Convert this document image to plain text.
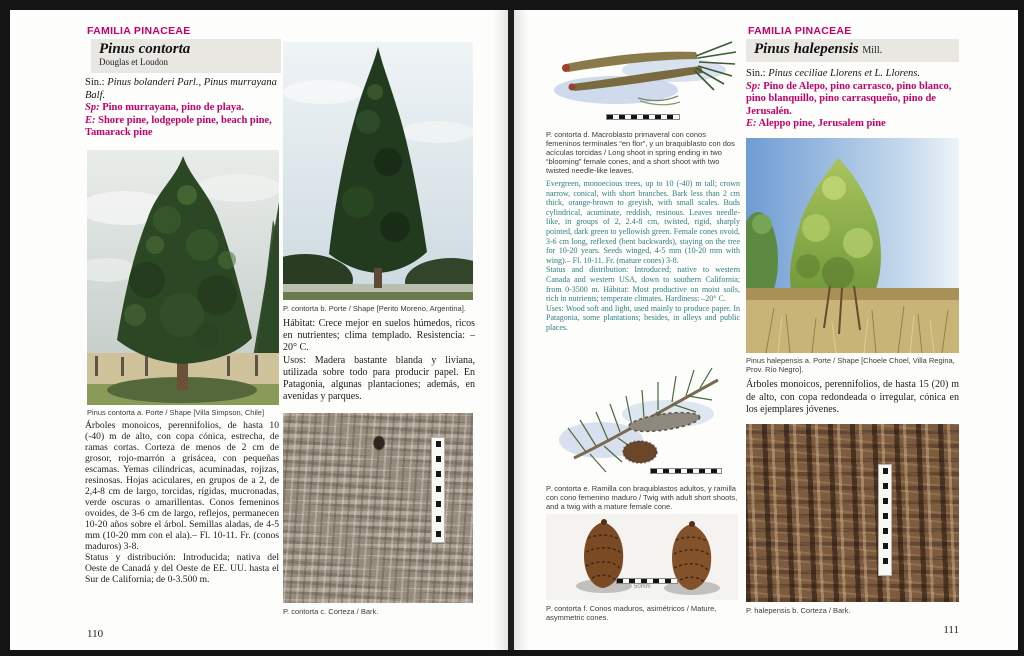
FAMILIA PINACEAE
Pinus contorta
Douglas et Loudon
Sin.: Pinus bolanderi Parl., Pinus murrayana Balf.
Sp: Pino murrayana, pino de playa.
E: Shore pine, lodgepole pine, beach pine, Tamarack pine
Pinus contorta a. Porte / Shape [Villa Simpson, Chile]

Árboles monoicos, perennifolios, de hasta 10 (-40) m de alto, con copa cónica, estrecha, de ramas cortas. Corteza de menos de 2 cm de grosor, rojo-marrón a grisácea, con pequeñas escamas. Yemas cilíndricas, acuminadas, rojizas, resinosas. Hojas aciculares, en grupos de a 2, de 2,4-8 cm de largo, torcidas, rígidas, mucronadas, verde oscuras o amarillentas. Conos femeninos ovoides, de 3-6 cm de largo, reflejos, permanecen 10-20 años sobre el árbol. Semillas aladas, de 4-5 mm (10-20 mm con el ala).– Fl. 10-11. Fr. (conos maduros) 3-8.

Status y distribución: Introducida; nativa del Oeste de Canadá y del Oeste de EE. UU. hasta el Sur de California; de 0-3.500 m.

110
P. contorta b. Porte / Shape [Perito Moreno, Argentina].

Hábitat: Crece mejor en suelos húmedos, ricos en nutrientes; clima templado. Resistencia: –20° C.

Usos: Madera bastante blanda y liviana, utilizada sobre todo para producir papel. En Patagonia, algunas plantaciones; además, en avenidas y parques.

P. contorta c. Corteza / Bark.
P. contorta d. Macroblasto primaveral con conos femeninos terminales “en flor”, y un braquiblasto con dos acículas torcidas / Long shoot in spring ending in two “blooming” female cones, and a short shoot with two twisted needle-like leaves.

Evergreen, monoecious trees, up to 10 (-40) m tall; crown narrow, conical, with short branches. Bark less than 2 cm thick, orange-brown to greyish, with small scales. Buds cylindrical, acuminate, reddish, resinous. Leaves needle-like, in groups of 2, 2.4-8 cm, twisted, rigid, sharply pointed, dark green to yellowish green. Female cones ovoid, 3-6 cm long, reflexed (bent backwards), staying on the tree for 10-20 years. Seeds winged, 4-5 mm (10-20 mm with wing).– Fl. 10-11. Fr. (mature cones) 3-8.

Status and distribution: Introduced; native to western Canada and western USA, down to southern California; from 0-3500 m. Hábitat: Most productive on moist soils, rich in nutrients; temperate climates. Hardiness: –20° C.

Uses: Wood soft and light, used mainly to produce paper. In Patagonia, some plantations; besides, in alleys and public places.

P. contorta e. Ramilla con braquiblastos adultos, y ramilla con cono femenino maduro / Twig with adult short shoots, and a twig with a mature female cone.
50mm
P. contorta f. Conos maduros, asimétricos / Mature, asymmetric cones.
FAMILIA PINACEAE
Pinus halepensis Mill.
Sin.: Pinus ceciliae Llorens et L. Llorens.
Sp: Pino de Alepo, pino carrasco, pino blanco, pino blanquillo, pino carrasqueño, pino de Jerusalén.
E: Aleppo pine, Jerusalem pine
Pinus halepensis a. Porte / Shape [Choele Choel, Villa Regina, Prov. Río Negro].

Árboles monoicos, perennifolios, de hasta 15 (20) m de alto, con copa redondeada o irregular, cónica en los ejemplares jóvenes.

P. halepensis b. Corteza / Bark.
111
